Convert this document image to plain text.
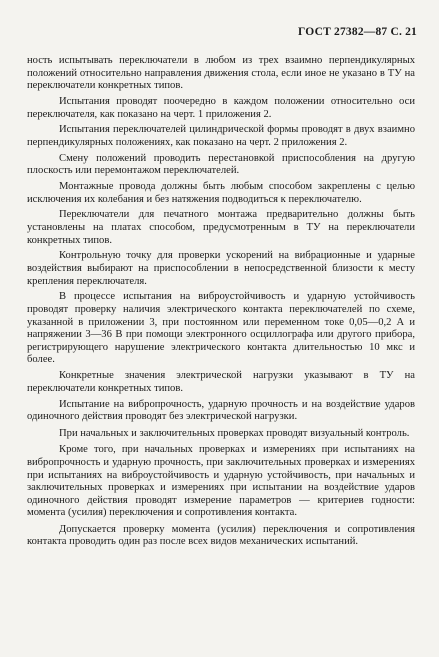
ГОСТ 27382—87 С. 21

ность испытывать переключатели в любом из трех взаимно перпендикулярных положений относительно направления движения стола, если иное не указано в ТУ на переключатели конкретных типов.

Испытания проводят поочередно в каждом положении относительно оси переключателя, как показано на черт. 1 приложения 2.

Испытания переключателей цилиндрической формы проводят в двух взаимно перпендикулярных положениях, как показано на черт. 2 приложения 2.

Смену положений проводить перестановкой приспособления на другую плоскость или перемонтажом переключателей.

Монтажные провода должны быть любым способом закреплены с целью исключения их колебания и без натяжения подводиться к переключателю.

Переключатели для печатного монтажа предварительно должны быть установлены на платах способом, предусмотренным в ТУ на переключатели конкретных типов.

Контрольную точку для проверки ускорений на вибрационные и ударные воздействия выбирают на приспособлении в непосредственной близости к месту крепления переключателя.

В процессе испытания на виброустойчивость и ударную устойчивость проводят проверку наличия электрического контакта переключателей по схеме, указанной в приложении 3, при постоянном или переменном токе 0,05—0,2 А и напряжении 3—36 В при помощи электронного осциллографа или другого прибора, регистрирующего нарушение электрического контакта длительностью 10 мкс и более.

Конкретные значения электрической нагрузки указывают в ТУ на переключатели конкретных типов.

Испытание на вибропрочность, ударную прочность и на воздействие ударов одиночного действия проводят без электрической нагрузки.

При начальных и заключительных проверках проводят визуальный контроль.

Кроме того, при начальных проверках и измерениях при испытаниях на вибропрочность и ударную прочность, при заключительных проверках и измерениях при испытаниях на виброустойчивость и ударную устойчивость, при начальных и заключительных проверках и измерениях при испытании на воздействие ударов одиночного действия проводят измерение параметров — критериев годности: момента (усилия) переключения и сопротивления контакта.

Допускается проверку момента (усилия) переключения и сопротивления контакта проводить один раз после всех видов механических испытаний.
